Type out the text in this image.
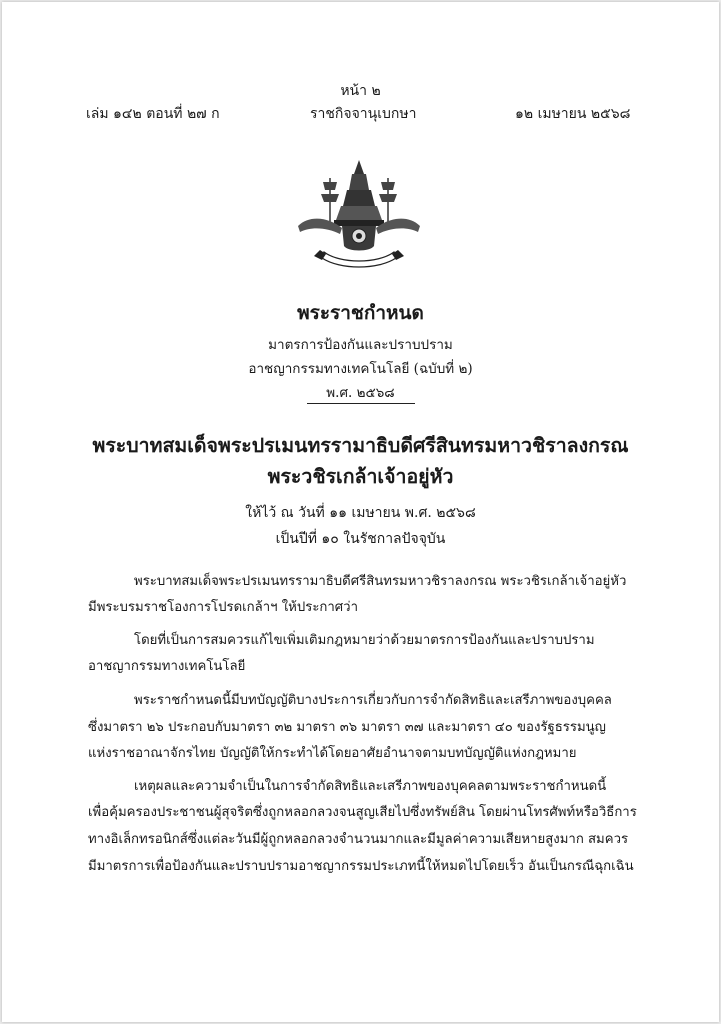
หน้า ๒
เล่ม ๑๔๒ ตอนที่ ๒๗ ก	ราชกิจจานุเบกษา	๑๒ เมษายน ๒๕๖๘
พระราชกำหนด
มาตรการป้องกันและปราบปราม
อาชญากรรมทางเทคโนโลยี (ฉบับที่ ๒)
พ.ศ. ๒๕๖๘
พระบาทสมเด็จพระปรเมนทรรามาธิบดีศรีสินทรมหาวชิราลงกรณ
พระวชิรเกล้าเจ้าอยู่หัว
ให้ไว้ ณ วันที่ ๑๑ เมษายน พ.ศ. ๒๕๖๘
เป็นปีที่ ๑๐ ในรัชกาลปัจจุบัน
พระบาทสมเด็จพระปรเมนทรรามาธิบดีศรีสินทรมหาวชิราลงกรณ พระวชิรเกล้าเจ้าอยู่หัว
มีพระบรมราชโองการโปรดเกล้าฯ ให้ประกาศว่า
โดยที่เป็นการสมควรแก้ไขเพิ่มเติมกฎหมายว่าด้วยมาตรการป้องกันและปราบปราม
อาชญากรรมทางเทคโนโลยี
พระราชกำหนดนี้มีบทบัญญัติบางประการเกี่ยวกับการจำกัดสิทธิและเสรีภาพของบุคคล
ซึ่งมาตรา ๒๖ ประกอบกับมาตรา ๓๒ มาตรา ๓๖ มาตรา ๓๗ และมาตรา ๔๐ ของรัฐธรรมนูญ
แห่งราชอาณาจักรไทย บัญญัติให้กระทำได้โดยอาศัยอำนาจตามบทบัญญัติแห่งกฎหมาย
เหตุผลและความจำเป็นในการจำกัดสิทธิและเสรีภาพของบุคคลตามพระราชกำหนดนี้
เพื่อคุ้มครองประชาชนผู้สุจริตซึ่งถูกหลอกลวงจนสูญเสียไปซึ่งทรัพย์สิน โดยผ่านโทรศัพท์หรือวิธีการ
ทางอิเล็กทรอนิกส์ซึ่งแต่ละวันมีผู้ถูกหลอกลวงจำนวนมากและมีมูลค่าความเสียหายสูงมาก สมควร
มีมาตรการเพื่อป้องกันและปราบปรามอาชญากรรมประเภทนี้ให้หมดไปโดยเร็ว อันเป็นกรณีฉุกเฉิน
